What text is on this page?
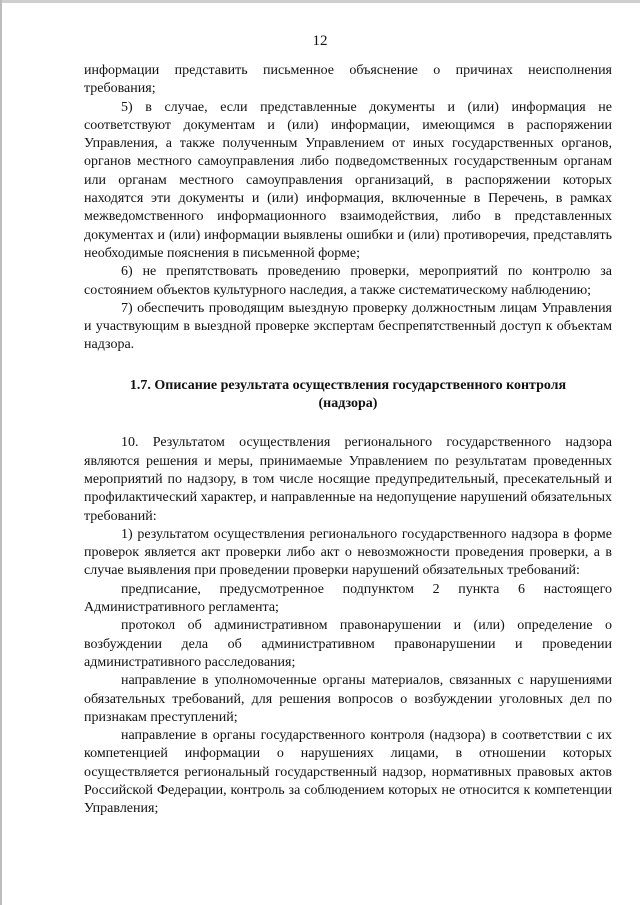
12

информации представить письменное объяснение о причинах неисполнения требования;

5) в случае, если представленные документы и (или) информация не соответствуют документам и (или) информации, имеющимся в распоряжении Управления, а также полученным Управлением от иных государственных органов, органов местного самоуправления либо подведомственных государственным органам или органам местного самоуправления организаций, в распоряжении которых находятся эти документы и (или) информация, включенные в Перечень, в рамках межведомственного информационного взаимодействия, либо в представленных документах и (или) информации выявлены ошибки и (или) противоречия, представлять необходимые пояснения в письменной форме;

6) не препятствовать проведению проверки, мероприятий по контролю за состоянием объектов культурного наследия, а также систематическому наблюдению;

7) обеспечить проводящим выездную проверку должностным лицам Управления и участвующим в выездной проверке экспертам беспрепятственный доступ к объектам надзора.

1.7. Описание результата осуществления государственного контроля (надзора)

10. Результатом осуществления регионального государственного надзора являются решения и меры, принимаемые Управлением по результатам проведенных мероприятий по надзору, в том числе носящие предупредительный, пресекательный и профилактический характер, и направленные на недопущение нарушений обязательных требований:

1) результатом осуществления регионального государственного надзора в форме проверок является акт проверки либо акт о невозможности проведения проверки, а в случае выявления при проведении проверки нарушений обязательных требований:

предписание, предусмотренное подпунктом 2 пункта 6 настоящего Административного регламента;

протокол об административном правонарушении и (или) определение о возбуждении дела об административном правонарушении и проведении административного расследования;

направление в уполномоченные органы материалов, связанных с нарушениями обязательных требований, для решения вопросов о возбуждении уголовных дел по признакам преступлений;

направление в органы государственного контроля (надзора) в соответствии с их компетенцией информации о нарушениях лицами, в отношении которых осуществляется региональный государственный надзор, нормативных правовых актов Российской Федерации, контроль за соблюдением которых не относится к компетенции Управления;
